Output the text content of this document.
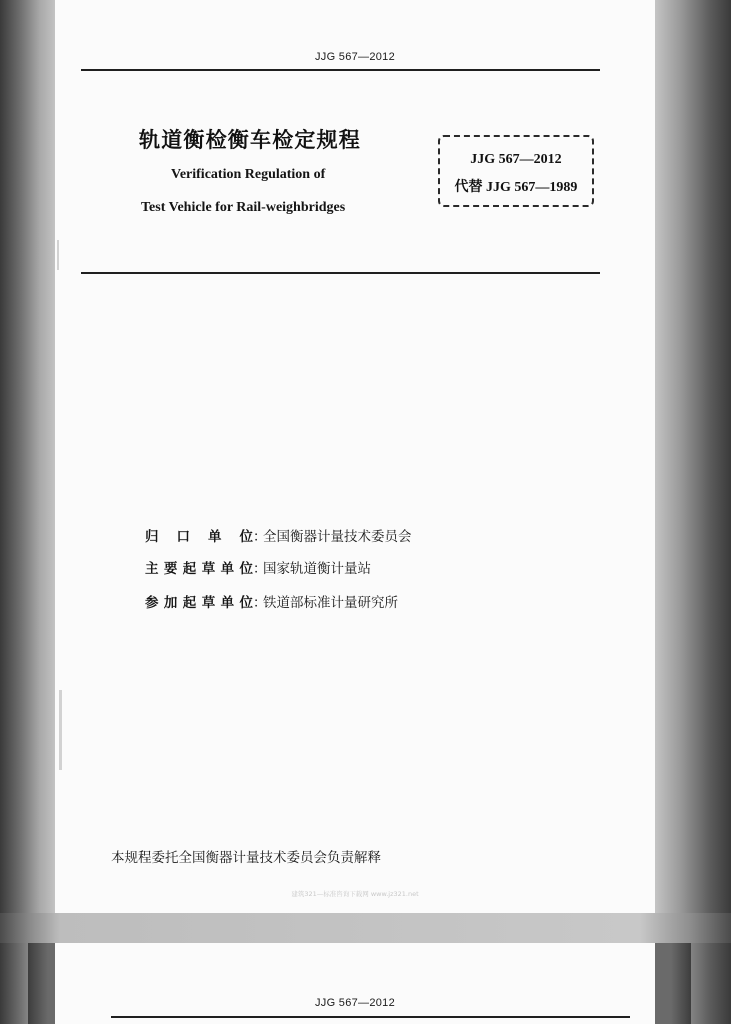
JJG 567—2012
轨道衡检衡车检定规程
Verification Regulation of
Test Vehicle for Rail-weighbridges
JJG 567—2012
代替 JJG 567—1989
归口单位：全国衡器计量技术委员会
主要起草单位：国家轨道衡计量站
参加起草单位：铁道部标准计量研究所
本规程委托全国衡器计量技术委员会负责解释
建筑321—标准咨询下载网 www.jz321.net
JJG 567—2012
